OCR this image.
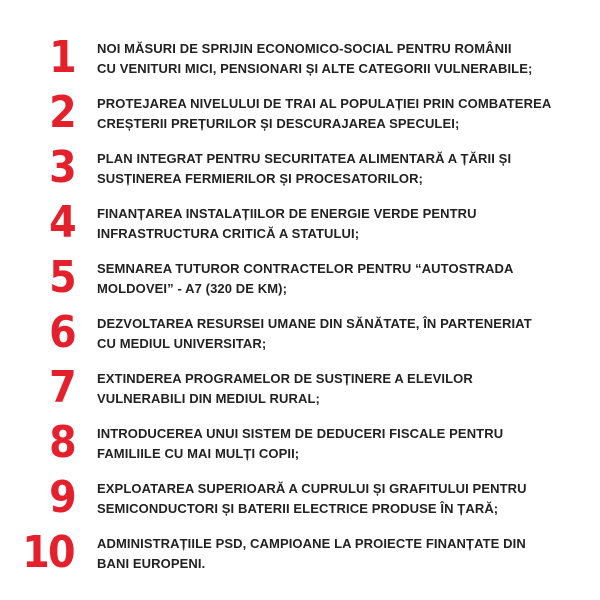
1	NOI MĂSURI DE SPRIJIN ECONOMICO-SOCIAL PENTRU ROMÂNII
CU VENITURI MICI, PENSIONARI ȘI ALTE CATEGORII VULNERABILE;
2	PROTEJAREA NIVELULUI DE TRAI AL POPULAȚIEI PRIN COMBATEREA
CREȘTERII PREȚURILOR ȘI DESCURAJAREA SPECULEI;
3	PLAN INTEGRAT PENTRU SECURITATEA ALIMENTARĂ A ȚĂRII ȘI
SUSȚINEREA FERMIERILOR ȘI PROCESATORILOR;
4	FINANȚAREA INSTALAȚIILOR DE ENERGIE VERDE PENTRU
INFRASTRUCTURA CRITICĂ A STATULUI;
5	SEMNAREA TUTUROR CONTRACTELOR PENTRU “AUTOSTRADA
MOLDOVEI” - A7 (320 DE KM);
6	DEZVOLTAREA RESURSEI UMANE DIN SĂNĂTATE, ÎN PARTENERIAT
CU MEDIUL UNIVERSITAR;
7	EXTINDEREA PROGRAMELOR DE SUSȚINERE A ELEVILOR
VULNERABILI DIN MEDIUL RURAL;
8	INTRODUCEREA UNUI SISTEM DE DEDUCERI FISCALE PENTRU
FAMILIILE CU MAI MULȚI COPII;
9	EXPLOATAREA SUPERIOARĂ A CUPRULUI ȘI GRAFITULUI PENTRU
SEMICONDUCTORI ȘI BATERII ELECTRICE PRODUSE ÎN ȚARĂ;
10	ADMINISTRAȚIILE PSD, CAMPIOANE LA PROIECTE FINANȚATE DIN
BANI EUROPENI.
